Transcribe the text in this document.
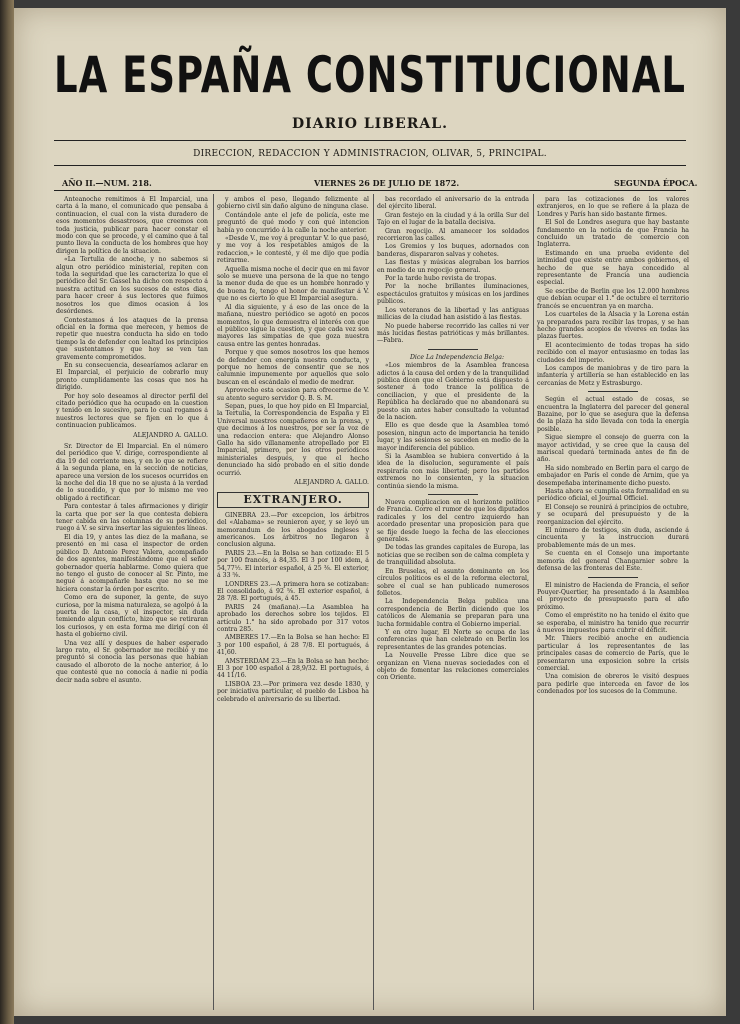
LA ESPAÑA CONSTITUCIONAL
DIARIO LIBERAL.
DIRECCION, REDACCION Y ADMINISTRACION, OLIVAR, 5, PRINCIPAL.
AÑO II.—NUM. 218.	VIERNES 26 DE JULIO DE 1872.	SEGUNDA ÉPOCA.

Anteanoche remitimos á El Imparcial, una carta á la mano, el comunicado que pensaba á continuacion, el cual con la vista duradero de esos momentos desastrosos, que creemos con toda justicia, publicar para hacer constar el modo con que se procede, y el camino que á tal punto lleva la conducta de los hombres que hoy dirigen la política de la situacion.

«La Tertulia de anoche, y no sabemos si algun otro periódico ministerial, repiten con toda la seguridad que les caracteriza lo que el periódico del Sr. Gassel ha dicho con respecto á nuestra actitud en los sucesos de estos dias, para hacer creer á sus lectores que fuimos nosotros los que dimos ocasion á los desórdenes.

Contestamos á los ataques de la prensa oficial en la forma que merecen, y hemos de repetir que nuestra conducta ha sido en todo tiempo la de defender con lealtad los principios que sustentamos y que hoy se ven tan gravemente comprometidos.

En su consecuencia, desearíamos aclarar en El Imparcial, el perjuicio de cobrarlo muy pronto cumplidamente las cosas que nos ha dirigido.

Por hoy solo deseamos al director perfil del citado periódico que ha ocupado en la cuestion y tenido en lo sucesivo, para lo cual rogamos á nuestros lectores que se fijen en lo que á continuacion publicamos.

ALEJANDRO A. GALLO.

Sr. Director de El Imparcial. En el número del periódico que V. dirige, correspondiente al dia 19 del corriente mes, y en lo que se refiere á la segunda plana, en la sección de noticias, aparece una version de los sucesos ocurridos en la noche del dia 18 que no se ajusta á la verdad de lo sucedido, y que por lo mismo me veo obligado á rectificar.

Para contestar á tales afirmaciones y dirigir la carta que por ser la que contesta debiera tener cabida en las columnas de su periódico, ruego á V. se sirva insertar las siguientes líneas.

El dia 19, y antes las diez de la mañana, se presentó en mi casa el inspector de orden público D. Antonio Perez Valera, acompañado de dos agentes, manifestándome que el señor gobernador quería hablarme. Como quiera que no tengo el gusto de conocer al Sr. Pinto, me negué á acompañarle hasta que no se me hiciera constar la órden por escrito.

Como era de suponer, la gente, de suyo curiosa, por la misma naturaleza, se agolpó á la puerta de la casa, y el inspector, sin duda temiendo algun conflicto, hizo que se retiraran los curiosos, y en esta forma me dirigí con él hasta el gobierno civil.

Una vez allí y despues de haber esperado largo rato, el Sr. gobernador me recibió y me preguntó si conocía las personas que habian causado el alboroto de la noche anterior, á lo que contesté que no conocía á nadie ni podía decir nada sobre el asunto.

y ambos el peso, llegando felizmente al gobierno civil sin daño alguno de ninguna clase.

Contándole ante el jefe de policía, este me preguntó de qué modo y con qué intencion había yo concurrido á la calle la noche anterior.

«Desde V., me voy á preguntar V. lo que pasó, y me voy á los respetables amigos de la redaccion,» le contesté, y él me dijo que podía retirarme.

Aquella misma noche el decir que en mi favor solo se mueve una persona de la que no tengo la menor duda de que es un hombre honrado y de buena fe, tengo el honor de manifestar á V. que no es cierto lo que El Imparcial asegura.

Al dia siguiente, y á eso de las once de la mañana, nuestro periódico se agotó en pocos momentos, lo que demuestra el interés con que el público sigue la cuestion, y que cada vez son mayores las simpatías de que goza nuestra causa entre las gentes honradas.

Porque y que somos nosotros los que hemos de defender con energía nuestra conducta, y porque no hemos de consentir que se nos calumnie impunemente por aquellos que solo buscan en el escándalo el medio de medrar.

Aprovecho esta ocasion para ofrecerme de V. su atento seguro servidor Q. B. S. M.

Sepan, pues, lo que hoy pido en El Imparcial, la Tertulia, la Correspondencia de España y El Universal nuestros compañeros en la prensa, y que decimos á los nuestros, por ser la voz de una redaccion entera: que Alejandro Alonso Gallo ha sido villanamente atropellado por El Imparcial, primero, por los otros periódicos ministeriales después, y que el hecho denunciado ha sido probado en el sitio donde ocurrió.

ALEJANDRO A. GALLO.

EXTRANJERO.

GINEBRA 23.—Por excepcion, los árbitros del «Alabama» se reunieron ayer, y se leyó un memorandum de los abogados ingleses y americanos. Los árbitros no llegaron á conclusion alguna.

PARIS 23.—En la Bolsa se han cotizado: El 5 por 100 francés, á 84,35. El 3 por 100 idem, á 54,77½. El interior español, á 25 ⅜. El exterior, á 33 ⅝.

LONDRES 23.—A primera hora se cotizaban: El consolidado, á 92 ⅝. El exterior español, á 28 7/8. El portugués, á 45.

PARIS 24 (mañana).—La Asamblea ha aprobado los derechos sobre los tejidos. El artículo 1.° ha sido aprobado por 317 votos contra 285.

AMBERES 17.—En la Bolsa se han hecho: El 3 por 100 español, á 28 7/8. El portugués, á 41,60.

AMSTERDAM 23.—En la Bolsa se han hecho: El 3 por 100 español á 28,9/32. El portugués, á 44 11/16.

LISBOA 23.—Por primera vez desde 1830, y por iniciativa particular, el pueblo de Lisboa ha celebrado el aniversario de su libertad.

bas recordado el aniversario de la entrada del ejército liberal.

Gran festejo en la ciudad y á la orilla Sur del Tajo en el lugar de la batalla decisiva.

Gran regocijo. Al amanecer los soldados recorrieron las calles.

Los Gremios y los buques, adornados con banderas, dispararon salvas y cohetes.

Las fiestas y músicas alegraban los barrios en medio de un regocijo general.

Por la tarde hubo revista de tropas.

Por la noche brillantes iluminaciones, espectáculos gratuitos y músicas en los jardines públicos.

Los veteranos de la libertad y las antiguas milicias de la ciudad han asistido á las fiestas.

No puede haberse recorrido las calles ni ver más lucidas fiestas patrióticas y más brillantes.—Fabra.

Dice La Independencia Belga:

«Los miembros de la Asamblea francesa adictos á la causa del orden y de la tranquilidad pública dicen que el Gobierno está dispuesto á sostener á todo trance la política de conciliacion, y que el presidente de la República ha declarado que no abandonará su puesto sin antes haber consultado la voluntad de la nacion.

Ello es que desde que la Asamblea tomó posesion, ningun acto de importancia ha tenido lugar, y las sesiones se suceden en medio de la mayor indiferencia del público.

Si la Asamblea se hubiera convertido á la idea de la disolucion, seguramente el país respiraría con más libertad; pero los partidos extremos no lo consienten, y la situacion continúa siendo la misma.

Nueva complicacion en el horizonte político de Francia. Corre el rumor de que los diputados radicales y los del centro izquierdo han acordado presentar una proposicion para que se fije desde luego la fecha de las elecciones generales.

De todas las grandes capitales de Europa, las noticias que se reciben son de calma completa y de tranquilidad absoluta.

En Bruselas, el asunto dominante en los círculos políticos es el de la reforma electoral, sobre el cual se han publicado numerosos folletos.

La Independencia Belga publica una correspondencia de Berlin diciendo que los católicos de Alemania se preparan para una lucha formidable contra el Gobierno imperial.

Y en otro lugar, El Norte se ocupa de las conferencias que han celebrado en Berlin los representantes de las grandes potencias.

La Nouvelle Presse Libre dice que se organizan en Viena nuevas sociedades con el objeto de fomentar las relaciones comerciales con Oriente.

para las cotizaciones de los valores extranjeros, en lo que se refiere á la plaza de Londres y París han sido bastante firmes.

El Sol de Londres asegura que hay bastante fundamento en la noticia de que Francia ha concluido un tratado de comercio con Inglaterra.

Estimando en una prueba evidente del intimidad que existe entre ambos gobiernos, el hecho de que se haya concedido al representante de Francia una audiencia especial.

Se escribe de Berlin que los 12.000 hombres que debían ocupar el 1.° de octubre el territorio francés se encuentran ya en marcha.

Los cuarteles de la Alsacia y la Lorena están ya preparados para recibir las tropas, y se han hecho grandes acopios de víveres en todas las plazas fuertes.

El acontecimiento de todas tropas ha sido recibido con el mayor entusiasmo en todas las ciudades del imperio.

Los campos de maniobras y de tiro para la infantería y artillería se han establecido en las cercanías de Metz y Estrasburgo.

Según el actual estado de cosas, se encuentra la Inglaterra del parecer del general Bazaine, por lo que se asegura que la defensa de la plaza ha sido llevada con toda la energía posible.

Sigue siempre el consejo de guerra con la mayor actividad, y se cree que la causa del mariscal quedará terminada antes de fin de año.

Ha sido nombrado en Berlin para el cargo de embajador en París el conde de Arnim, que ya desempeñaba interinamente dicho puesto.

Hasta ahora se cumplía esta formalidad en su periódico oficial, el Journal Officiel.

El Consejo se reunirá á principios de octubre, y se ocupará del presupuesto y de la reorganizacion del ejército.

El número de testigos, sin duda, asciende á cincuenta y la instruccion durará probablemente más de un mes.

Se cuenta en el Consejo una importante memoria del general Changarnier sobre la defensa de las fronteras del Este.

El ministro de Hacienda de Francia, el señor Pouyer-Quertier, ha presentado á la Asamblea el proyecto de presupuesto para el año próximo.

Como el empréstito no ha tenido el éxito que se esperaba, el ministro ha tenido que recurrir á nuevos impuestos para cubrir el déficit.

Mr. Thiers recibió anoche en audiencia particular á los representantes de las principales casas de comercio de París, que le presentaron una exposicion sobre la crisis comercial.

Una comision de obreros le visitó despues para pedirle que interceda en favor de los condenados por los sucesos de la Commune.
